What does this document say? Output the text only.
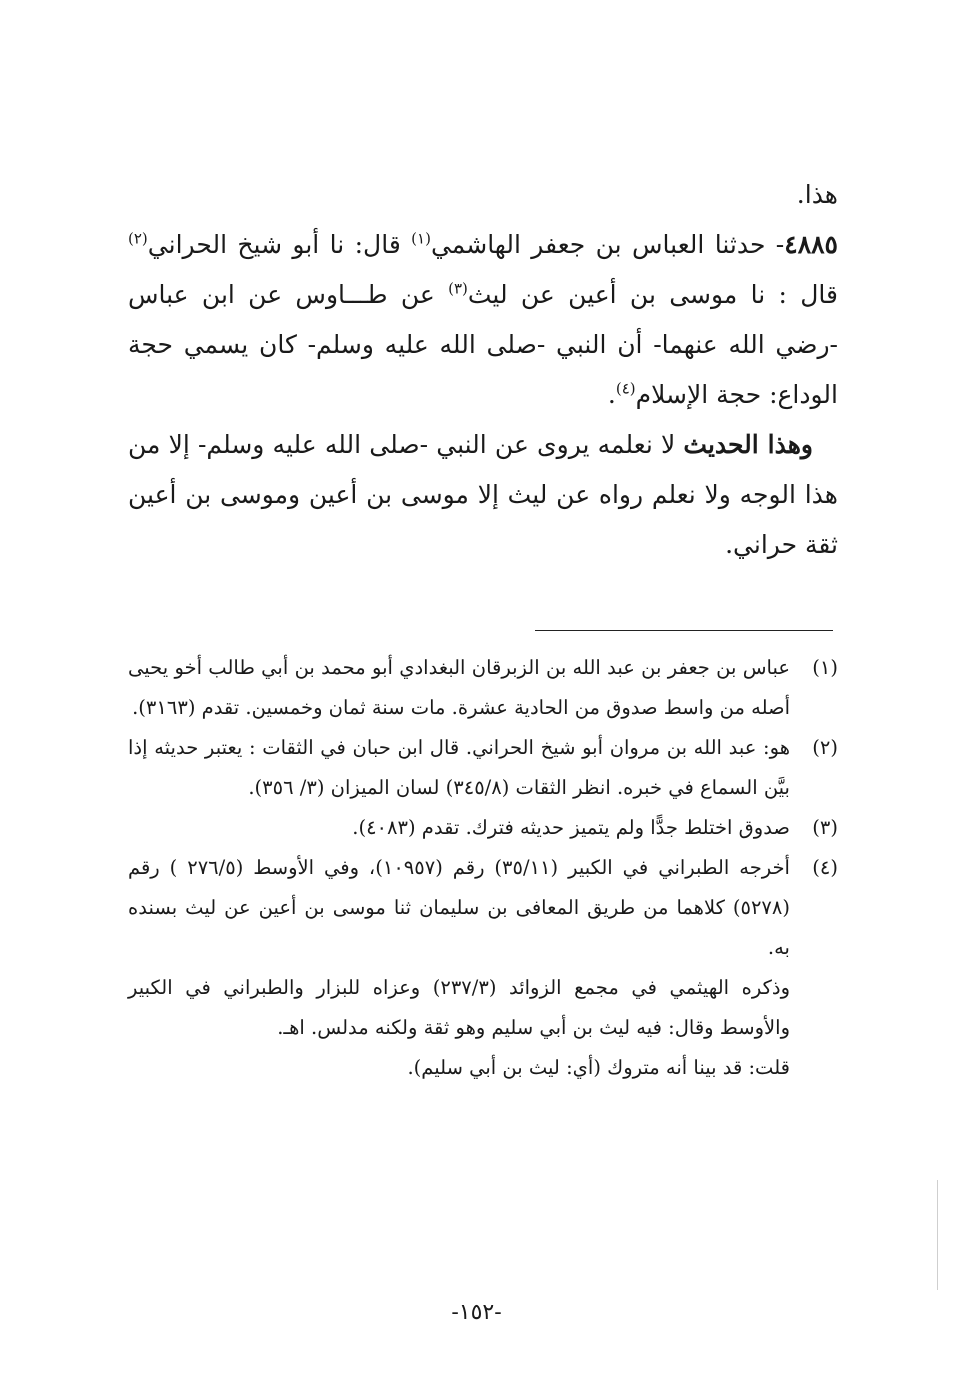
هذا.

٤٨٨٥- حدثنا العباس بن جعفر الهاشمي$^{(١)}$ قال: نا أبو شيخ الحراني$^{(٢)}$ قال : نا موسى بن أعين عن ليث$^{(٣)}$ عن طـــاوس عن ابن عباس -رضي الله عنهما- أن النبي -صلى الله عليه وسلم- كان يسمي حجة الوداع: حجة الإسلام$^{(٤)}$.

 وهذا الحديث لا نعلمه يروى عن النبي -صلى الله عليه وسلم- إلا من هذا الوجه ولا نعلم رواه عن ليث إلا موسى بن أعين وموسى بن أعين ثقة حراني.

(١)
عباس بن جعفر بن عبد الله بن الزبرقان البغدادي أبو محمد بن أبي طالب أخو يحيى أصله من واسط صدوق من الحادية عشرة. مات سنة ثمان وخمسين. تقدم (٣١٦٣).

(٢)
هو: عبد الله بن مروان أبو شيخ الحراني. قال ابن حبان في الثقات : يعتبر حديثه إذا بيَّن السماع في خبره. انظر الثقات (٣٤٥/٨) لسان الميزان (٣/ ٣٥٦).

(٣)
صدوق اختلط جدًّا ولم يتميز حديثه فترك. تقدم (٤٠٨٣).

(٤)
أخرجه الطبراني في الكبير (٣٥/١١) رقم (١٠٩٥٧)، وفي الأوسط (٢٧٦/٥ ) رقم (٥٢٧٨) كلاهما من طريق المعافى بن سليمان ثنا موسى بن أعين عن ليث بسنده به.

وذكره الهيثمي في مجمع الزوائد (٢٣٧/٣) وعزاه للبزار والطبراني في الكبير والأوسط وقال: فيه ليث بن أبي سليم وهو ثقة ولكنه مدلس. اهـ.

قلت: قد بينا أنه متروك (أي: ليث بن أبي سليم).

-١٥٢-
